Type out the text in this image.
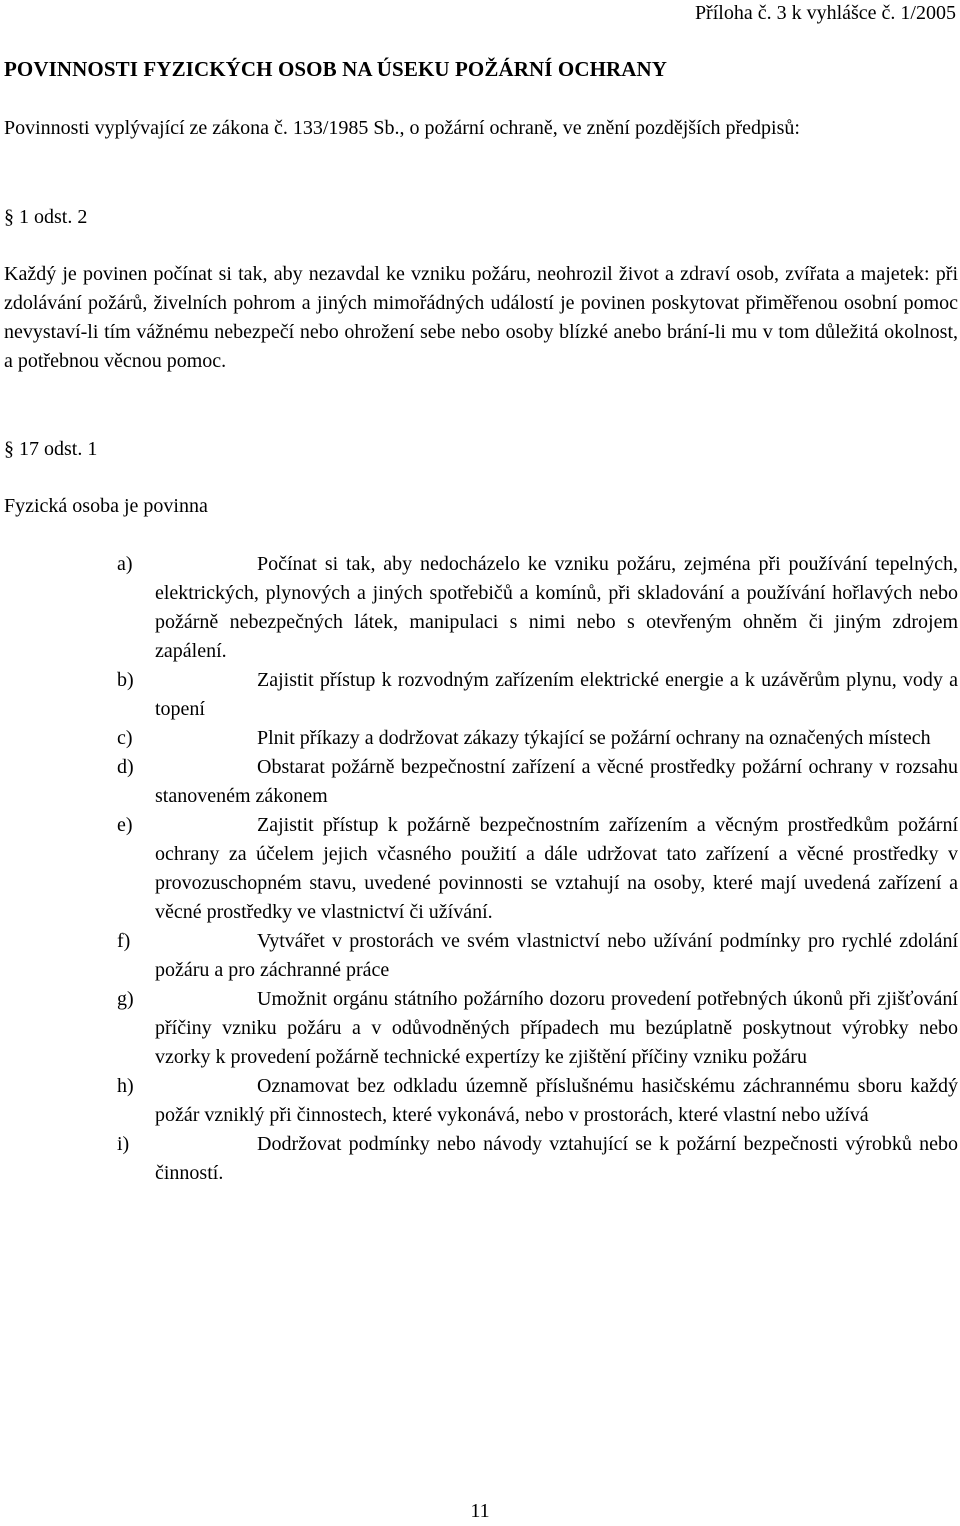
Příloha č. 3 k vyhlášce č. 1/2005
POVINNOSTI FYZICKÝCH OSOB NA ÚSEKU POŽÁRNÍ OCHRANY
Povinnosti vyplývající ze zákona č. 133/1985 Sb., o požární ochraně, ve znění pozdějších předpisů:
§ 1 odst. 2
Každý je povinen počínat si tak, aby nezavdal ke vzniku požáru, neohrozil život a zdraví osob, zvířata a majetek: při zdolávání požárů, živelních pohrom a jiných mimořádných událostí je povinen poskytovat přiměřenou osobní pomoc nevystaví-li tím vážnému nebezpečí nebo ohrožení sebe nebo osoby blízké anebo brání-li mu v tom důležitá okolnost, a potřebnou věcnou pomoc.
§ 17 odst. 1
Fyzická osoba je povinna
a)	Počínat si tak, aby nedocházelo ke vzniku požáru, zejména při používání tepelných, elektrických, plynových a jiných spotřebičů a komínů, při skladování a používání hořlavých nebo požárně nebezpečných látek, manipulaci s nimi nebo s otevřeným ohněm či jiným zdrojem zapálení.
b)	Zajistit přístup k rozvodným zařízením elektrické energie a k uzávěrům plynu, vody a topení
c)	Plnit příkazy a dodržovat zákazy týkající se požární ochrany na označených místech
d)	Obstarat požárně bezpečnostní zařízení a věcné prostředky požární ochrany v rozsahu stanoveném zákonem
e)	Zajistit přístup k požárně bezpečnostním zařízením a věcným prostředkům požární ochrany za účelem jejich včasného použití a dále udržovat tato zařízení a věcné prostředky v provozuschopném stavu, uvedené povinnosti se vztahují na osoby, které mají uvedená zařízení a věcné prostředky ve vlastnictví či užívání.
f)	Vytvářet v prostorách ve svém vlastnictví nebo užívání podmínky pro rychlé zdolání požáru a pro záchranné práce
g)	Umožnit orgánu státního požárního dozoru provedení potřebných úkonů při zjišťování příčiny vzniku požáru a v odůvodněných případech mu bezúplatně poskytnout výrobky nebo vzorky k provedení požárně technické expertízy ke zjištění příčiny vzniku požáru
h)	Oznamovat bez odkladu územně příslušnému hasičskému záchrannému sboru každý požár vzniklý při činnostech, které vykonává, nebo v prostorách, které vlastní nebo užívá
i)	Dodržovat podmínky nebo návody vztahující se k požární bezpečnosti výrobků nebo činností.
11
